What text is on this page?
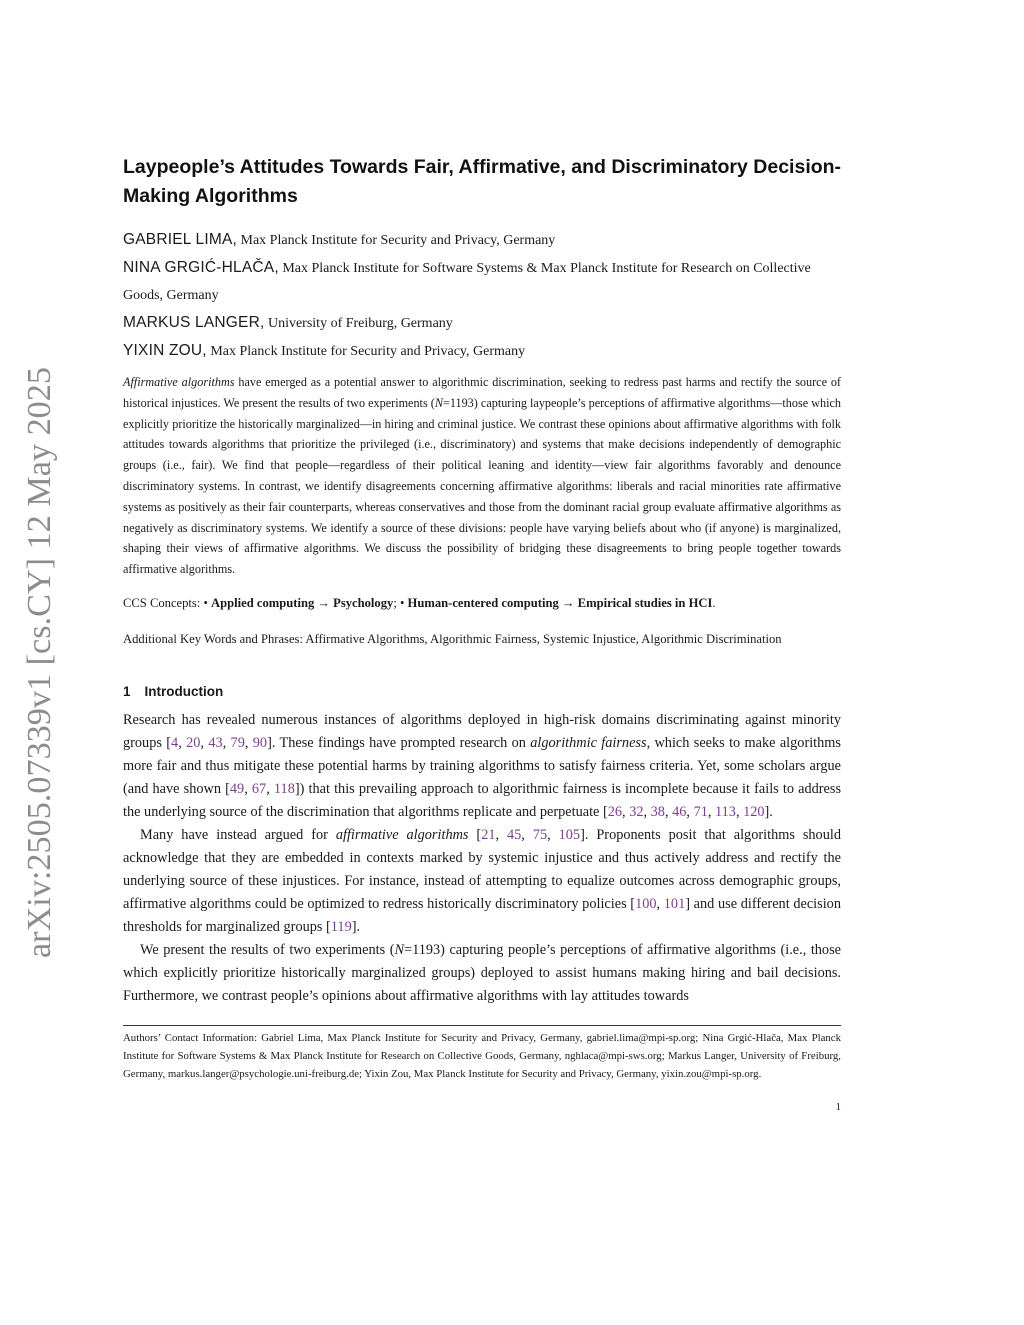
arXiv:2505.07339v1 [cs.CY] 12 May 2025
Laypeople’s Attitudes Towards Fair, Affirmative, and Discriminatory Decision-Making Algorithms

GABRIEL LIMA, Max Planck Institute for Security and Privacy, Germany

NINA GRGIĆ-HLAČA, Max Planck Institute for Software Systems & Max Planck Institute for Research on Collective Goods, Germany

MARKUS LANGER, University of Freiburg, Germany

YIXIN ZOU, Max Planck Institute for Security and Privacy, Germany

Affirmative algorithms have emerged as a potential answer to algorithmic discrimination, seeking to redress past harms and rectify the source of historical injustices. We present the results of two experiments (N=1193) capturing laypeople’s perceptions of affirmative algorithms—those which explicitly prioritize the historically marginalized—in hiring and criminal justice. We contrast these opinions about affirmative algorithms with folk attitudes towards algorithms that prioritize the privileged (i.e., discriminatory) and systems that make decisions independently of demographic groups (i.e., fair). We find that people—regardless of their political leaning and identity—view fair algorithms favorably and denounce discriminatory systems. In contrast, we identify disagreements concerning affirmative algorithms: liberals and racial minorities rate affirmative systems as positively as their fair counterparts, whereas conservatives and those from the dominant racial group evaluate affirmative algorithms as negatively as discriminatory systems. We identify a source of these divisions: people have varying beliefs about who (if anyone) is marginalized, shaping their views of affirmative algorithms. We discuss the possibility of bridging these disagreements to bring people together towards affirmative algorithms.

CCS Concepts: • Applied computing → Psychology; • Human-centered computing → Empirical studies in HCI.

Additional Key Words and Phrases: Affirmative Algorithms, Algorithmic Fairness, Systemic Injustice, Algorithmic Discrimination

1 Introduction

Research has revealed numerous instances of algorithms deployed in high-risk domains discriminating against minority groups [4, 20, 43, 79, 90]. These findings have prompted research on algorithmic fairness, which seeks to make algorithms more fair and thus mitigate these potential harms by training algorithms to satisfy fairness criteria. Yet, some scholars argue (and have shown [49, 67, 118]) that this prevailing approach to algorithmic fairness is incomplete because it fails to address the underlying source of the discrimination that algorithms replicate and perpetuate [26, 32, 38, 46, 71, 113, 120].

Many have instead argued for affirmative algorithms [21, 45, 75, 105]. Proponents posit that algorithms should acknowledge that they are embedded in contexts marked by systemic injustice and thus actively address and rectify the underlying source of these injustices. For instance, instead of attempting to equalize outcomes across demographic groups, affirmative algorithms could be optimized to redress historically discriminatory policies [100, 101] and use different decision thresholds for marginalized groups [119].

We present the results of two experiments (N=1193) capturing people’s perceptions of affirmative algorithms (i.e., those which explicitly prioritize historically marginalized groups) deployed to assist humans making hiring and bail decisions. Furthermore, we contrast people’s opinions about affirmative algorithms with lay attitudes towards

Authors’ Contact Information: Gabriel Lima, Max Planck Institute for Security and Privacy, Germany, gabriel.lima@mpi-sp.org; Nina Grgić-Hlača, Max Planck Institute for Software Systems & Max Planck Institute for Research on Collective Goods, Germany, nghlaca@mpi-sws.org; Markus Langer, University of Freiburg, Germany, markus.langer@psychologie.uni-freiburg.de; Yixin Zou, Max Planck Institute for Security and Privacy, Germany, yixin.zou@mpi-sp.org.

1
